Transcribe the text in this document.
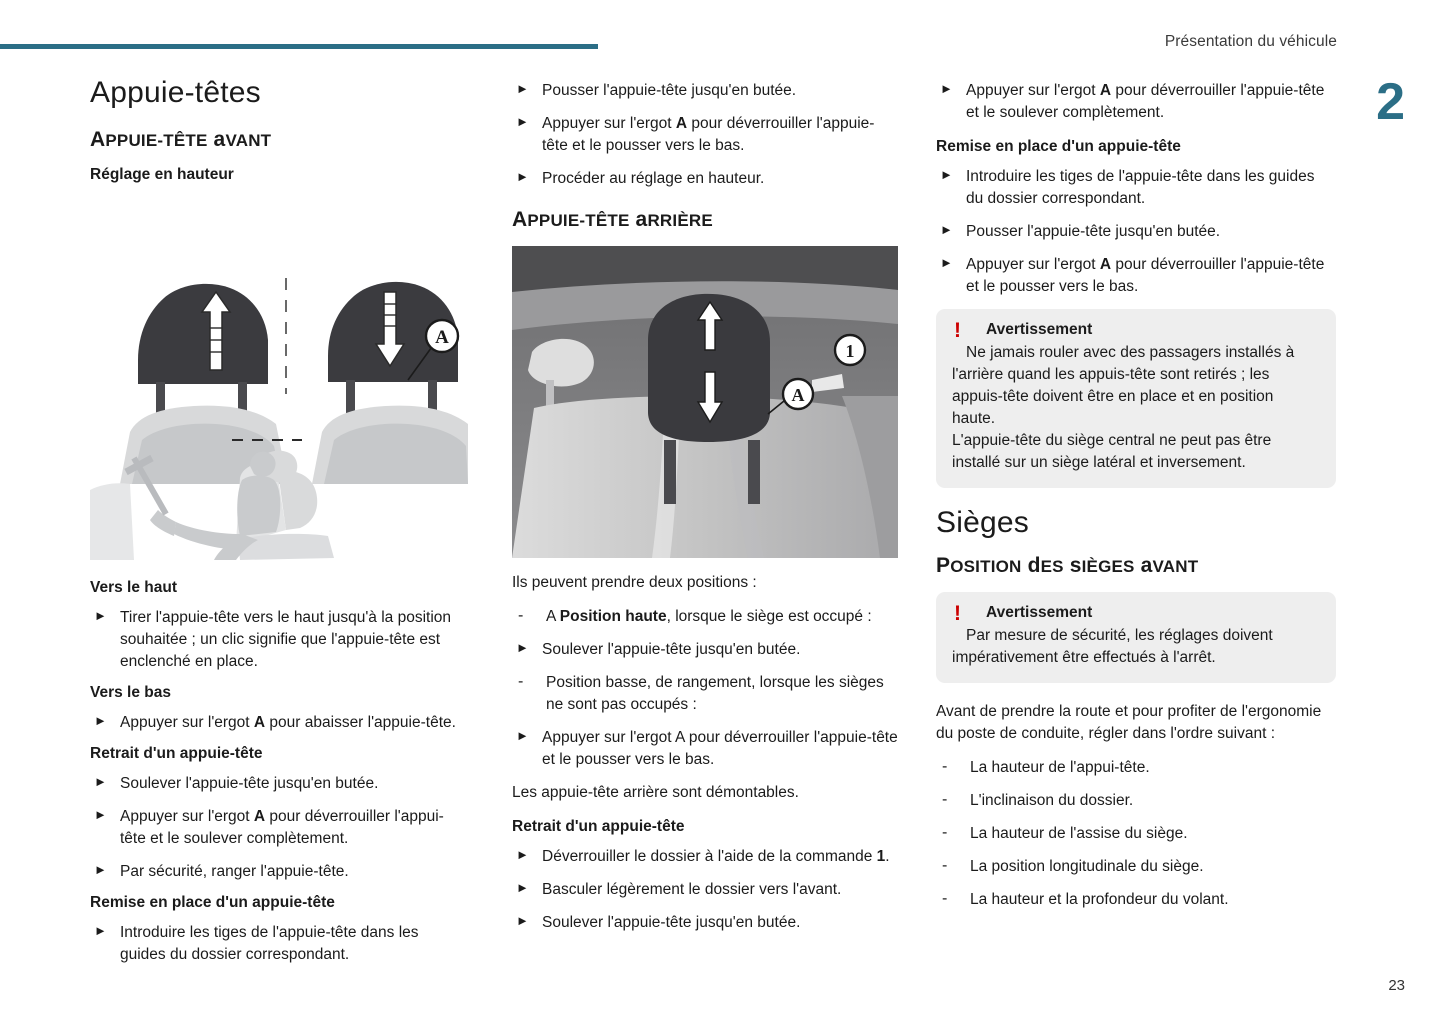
Présentation du véhicule
2
23
Appuie-têtes
APPUIE-TÊTE aVANT
Réglage en hauteur
A
Vers le haut
► Tirer l'appuie-tête vers le haut jusqu'à la position souhaitée ; un clic signifie que l'appuie-tête est enclenché en place.
Vers le bas
► Appuyer sur l'ergot A pour abaisser l'appuie-tête.
Retrait d'un appuie-tête
► Soulever l'appuie-tête jusqu'en butée.
► Appuyer sur l'ergot A pour déverrouiller l'appui-tête et le soulever complètement.
► Par sécurité, ranger l'appuie-tête.
Remise en place d'un appuie-tête
► Introduire les tiges de l'appuie-tête dans les guides du dossier correspondant.
► Pousser l'appuie-tête jusqu'en butée.
► Appuyer sur l'ergot A pour déverrouiller l'appuie-tête et le pousser vers le bas.
► Procéder au réglage en hauteur.
APPUIE-TÊTE aRRIÈRE
1
A

Ils peuvent prendre deux positions :

- A Position haute, lorsque le siège est occupé :
► Soulever l'appuie-tête jusqu'en butée.
- Position basse, de rangement, lorsque les sièges ne sont pas occupés :
► Appuyer sur l'ergot A pour déverrouiller l'appuie-tête et le pousser vers le bas.

Les appuie-tête arrière sont démontables.

Retrait d'un appuie-tête
► Déverrouiller le dossier à l'aide de la commande 1.
► Basculer légèrement le dossier vers l'avant.
► Soulever l'appuie-tête jusqu'en butée.
► Appuyer sur l'ergot A pour déverrouiller l'appuie-tête et le soulever complètement.
Remise en place d'un appuie-tête
► Introduire les tiges de l'appuie-tête dans les guides du dossier correspondant.
► Pousser l'appuie-tête jusqu'en butée.
► Appuyer sur l'ergot A pour déverrouiller l'appuie-tête et le pousser vers le bas.
! Avertissement

Ne jamais rouler avec des passagers installés à l'arrière quand les appuis-tête sont retirés ; les appuis-tête doivent être en place et en position haute.

L'appuie-tête du siège central ne peut pas être installé sur un siège latéral et inversement.

Sièges
POSITION dES sIÈGES aVANT
! Avertissement

Par mesure de sécurité, les réglages doivent impérativement être effectués à l'arrêt.

Avant de prendre la route et pour profiter de l'ergonomie du poste de conduite, régler dans l'ordre suivant :

- La hauteur de l'appui-tête.
- L'inclinaison du dossier.
- La hauteur de l'assise du siège.
- La position longitudinale du siège.
- La hauteur et la profondeur du volant.
